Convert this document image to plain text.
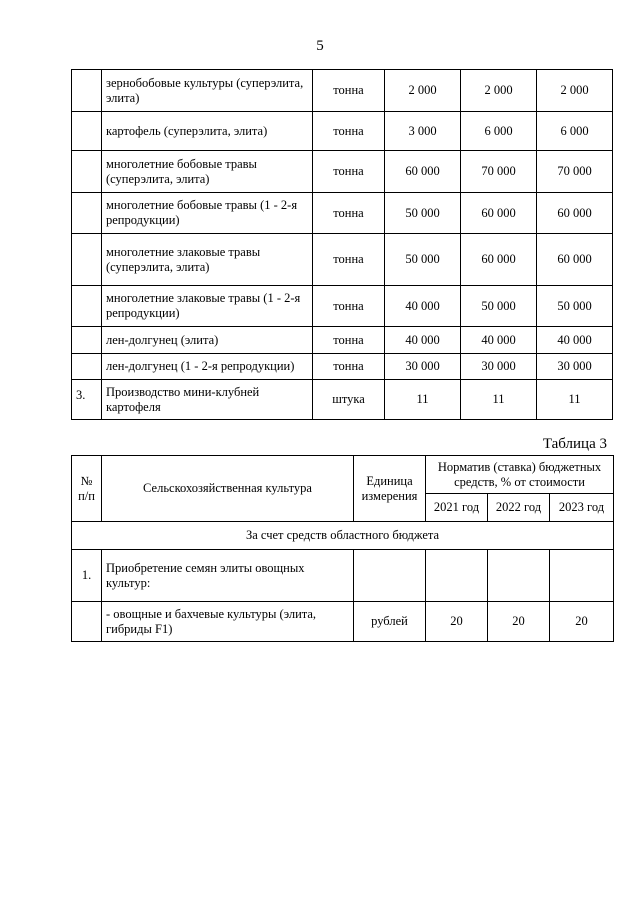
5
	зернобобовые культуры (суперэлита, элита)	тонна	2 000	2 000	2 000
	картофель (суперэлита, элита)	тонна	3 000	6 000	6 000
	многолетние бобовые травы (суперэлита, элита)	тонна	60 000	70 000	70 000
	многолетние бобовые травы (1 - 2-я репродукции)	тонна	50 000	60 000	60 000
	многолетние злаковые травы (суперэлита, элита)	тонна	50 000	60 000	60 000
	многолетние злаковые травы (1 - 2-я репродукции)	тонна	40 000	50 000	50 000
	лен-долгунец (элита)	тонна	40 000	40 000	40 000
	лен-долгунец (1 - 2-я репродукции)	тонна	30 000	30 000	30 000
3.	Производство мини-клубней картофеля	штука	11	11	11
Таблица 3
№ п/п	Сельскохозяйственная культура	Единица измерения	Норматив (ставка) бюджетных средств, % от стоимости		
			2021 год	2022 год	2023 год
За счет средств областного бюджета					
1.	Приобретение семян элиты овощных культур:				
	- овощные и бахчевые культуры (элита, гибриды F1)	рублей	20	20	20
